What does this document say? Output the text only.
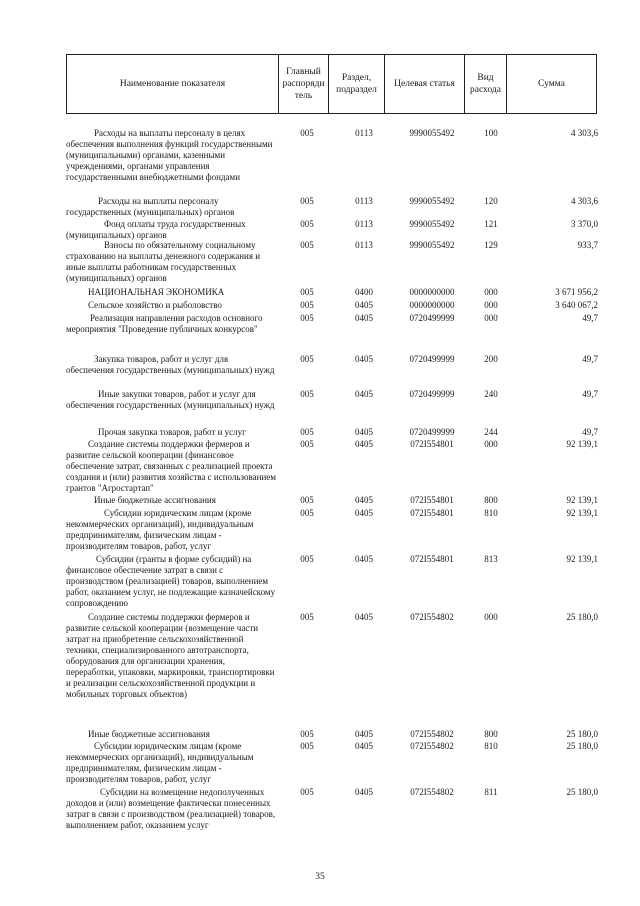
Наименование показателя	Главный распоряди тель	Раздел, подраздел	Целевая статья	Вид расхода	Сумма
Расходы на выплаты персоналу в целях обеспечения выполнения функций государственными (муниципальными) органами, казенными учреждениями, органами управления государственными внебюджетными фондами
005	0113	9990055492	100	4 303,6
Расходы на выплаты персоналу государственных (муниципальных) органов
005	0113	9990055492	120	4 303,6
Фонд оплаты труда государственных (муниципальных) органов
005	0113	9990055492	121	3 370,0
Взносы по обязательному социальному страхованию на выплаты денежного содержания и иные выплаты работникам государственных (муниципальных) органов
005	0113	9990055492	129	933,7
НАЦИОНАЛЬНАЯ ЭКОНОМИКА	005	0400	0000000000	000	3 671 956,2
Сельское хозяйство и рыболовство	005	0405	0000000000	000	3 640 067,2
Реализация направления расходов основного мероприятия "Проведение публичных конкурсов"
005	0405	0720499999	000	49,7
Закупка товаров, работ и услуг для обеспечения государственных (муниципальных) нужд
005	0405	0720499999	200	49,7
Иные закупки товаров, работ и услуг для обеспечения государственных (муниципальных) нужд
005	0405	0720499999	240	49,7
Прочая закупка товаров, работ и услуг	005	0405	0720499999	244	49,7
Создание системы поддержки фермеров и развитие сельской кооперации (финансовое обеспечение затрат, связанных с реализацией проекта создания и (или) развития хозяйства с использованием грантов "Агростартап"
005	0405	072I554801	000	92 139,1
Иные бюджетные ассигнования	005	0405	072I554801	800	92 139,1
Субсидии юридическим лицам (кроме некоммерческих организаций), индивидуальным предпринимателям, физическим лицам - производителям товаров, работ, услуг
005	0405	072I554801	810	92 139,1
Субсидии (гранты в форме субсидий) на финансовое обеспечение затрат в связи с производством (реализацией) товаров, выполнением работ, оказанием услуг, не подлежащие казначейскому сопровождению
005	0405	072I554801	813	92 139,1
Создание системы поддержки фермеров и развитие сельской кооперации (возмещение части затрат на приобретение сельскохозяйственной техники, специализированного автотранспорта, оборудования для организации хранения, переработки, упаковки, маркировки, транспортировки и реализации сельскохозяйственной продукции и мобильных торговых объектов)
005	0405	072I554802	000	25 180,0
Иные бюджетные ассигнования	005	0405	072I554802	800	25 180,0
Субсидии юридическим лицам (кроме некоммерческих организаций), индивидуальным предпринимателям, физическим лицам - производителям товаров, работ, услуг
005	0405	072I554802	810	25 180,0
Субсидии на возмещение недополученных доходов и (или) возмещение фактически понесенных затрат в связи с производством (реализацией) товаров, выполнением работ, оказанием услуг
005	0405	072I554802	811	25 180,0
35
